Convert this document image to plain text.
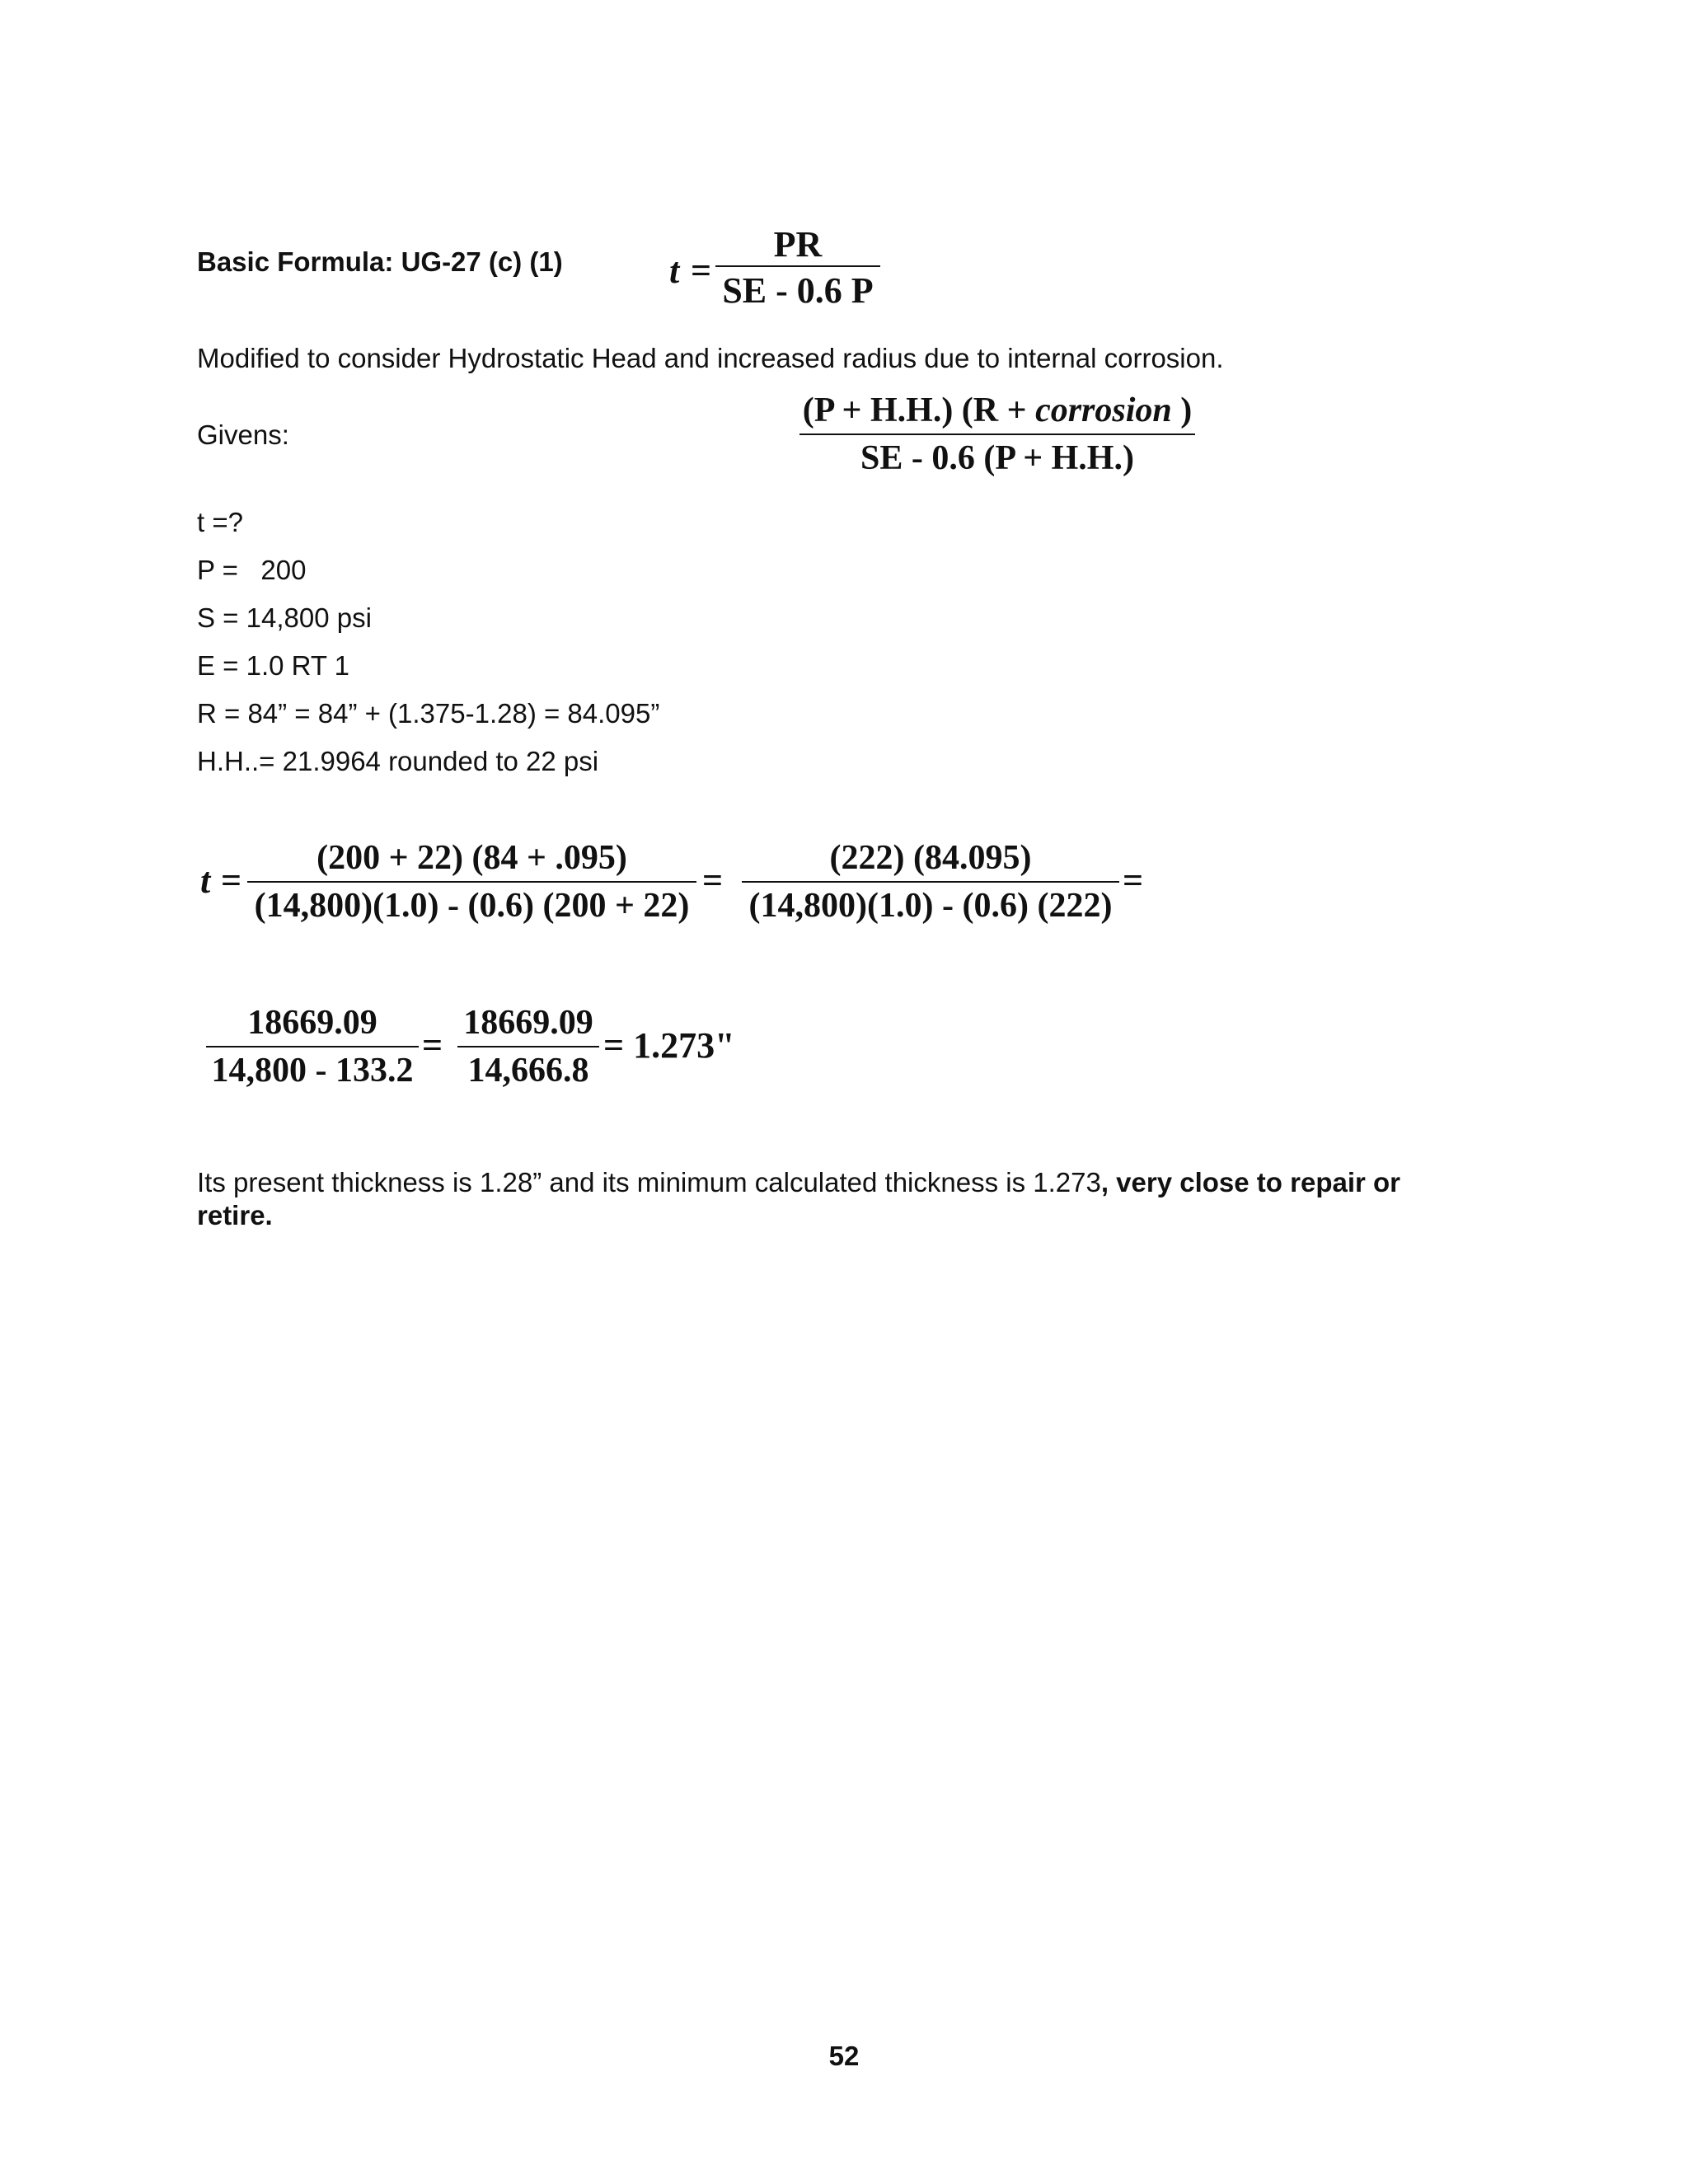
Basic Formula: UG-27 (c) (1)	t =
PR
SE - 0.6 P
Modified to consider Hydrostatic Head and increased radius due to internal corrosion.
Givens:
(P + H.H.) (R + corrosion )
SE - 0.6 (P + H.H.)
t =?
P =   200
S = 14,800 psi
E = 1.0 RT 1
R = 84” = 84” + (1.375-1.28) = 84.095”
H.H..= 21.9964 rounded to 22 psi
t =
(200 + 22) (84 + .095)
(14,800)(1.0) - (0.6) (200 + 22)
=
(222) (84.095)
(14,800)(1.0) - (0.6) (222)
=
18669.09
14,800 - 133.2
=
18669.09
14,666.8
= 1.273"
Its present thickness is 1.28” and its minimum calculated thickness is 1.273, very close to repair or retire.
52
